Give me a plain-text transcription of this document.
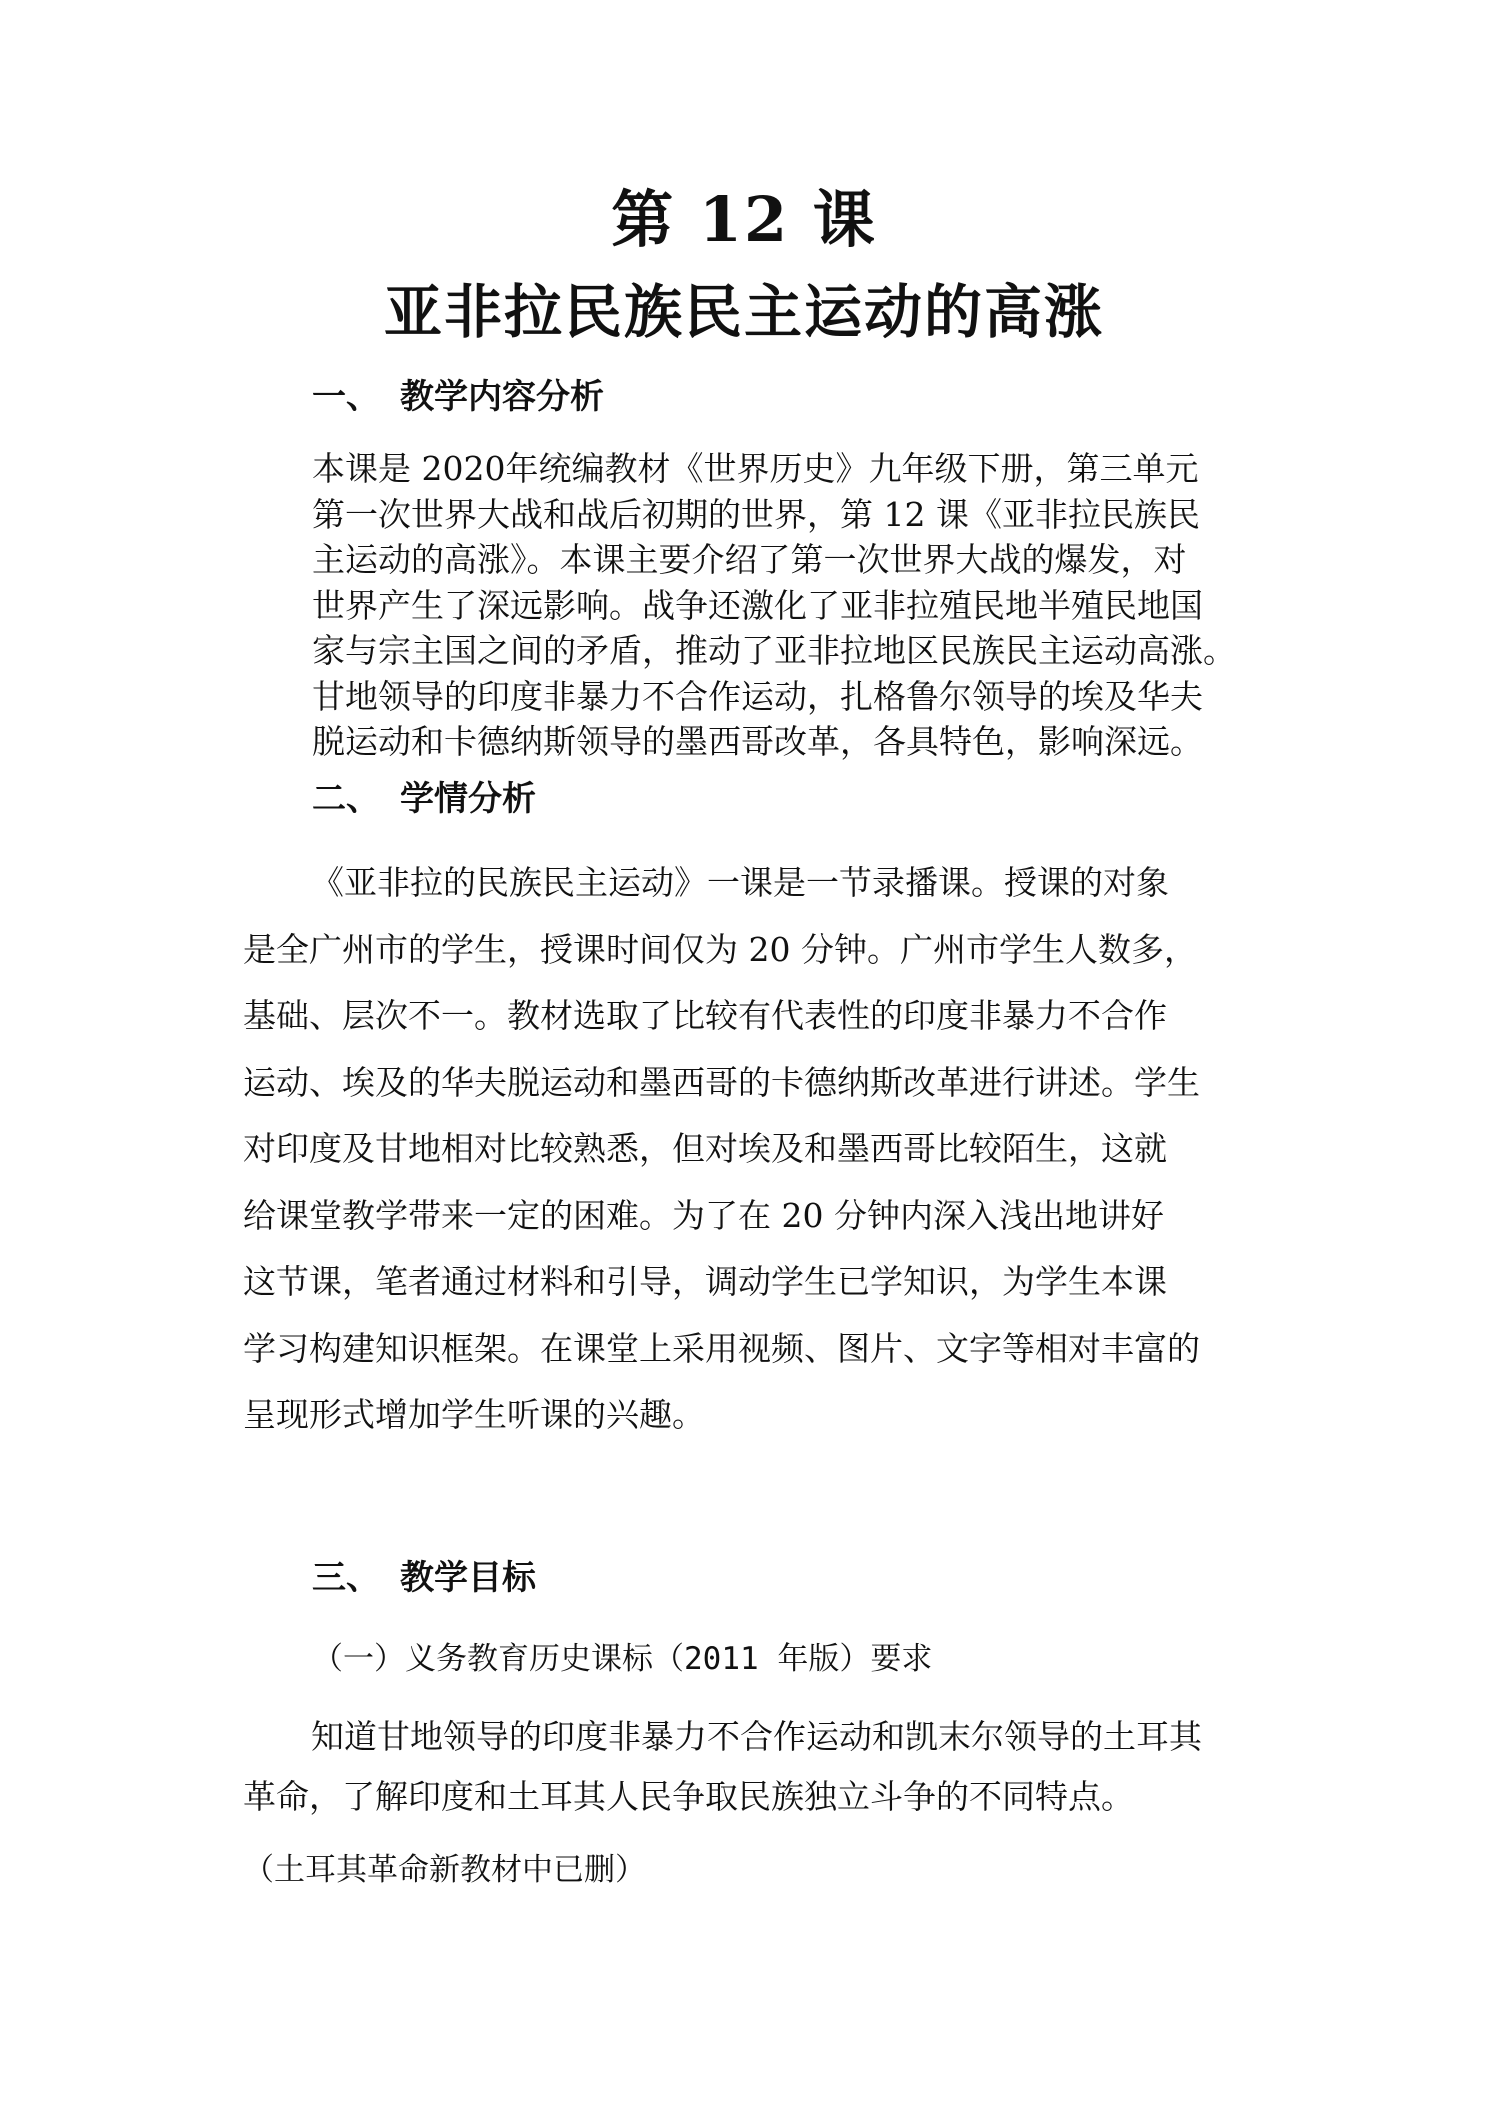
第 12 课
亚非拉民族民主运动的高涨
一、 教学内容分析
本课是 2020年统编教材《世界历史》九年级下册，第三单元
第一次世界大战和战后初期的世界，第 12 课《亚非拉民族民
主运动的高涨》。本课主要介绍了第一次世界大战的爆发，对
世界产生了深远影响。战争还激化了亚非拉殖民地半殖民地国
家与宗主国之间的矛盾，推动了亚非拉地区民族民主运动高涨。
甘地领导的印度非暴力不合作运动，扎格鲁尔领导的埃及华夫
脱运动和卡德纳斯领导的墨西哥改革，各具特色，影响深远。
二、 学情分析
《亚非拉的民族民主运动》一课是一节录播课。授课的对象
是全广州市的学生，授课时间仅为 20 分钟。广州市学生人数多，
基础、层次不一。教材选取了比较有代表性的印度非暴力不合作
运动、埃及的华夫脱运动和墨西哥的卡德纳斯改革进行讲述。学生
对印度及甘地相对比较熟悉，但对埃及和墨西哥比较陌生，这就
给课堂教学带来一定的困难。为了在 20 分钟内深入浅出地讲好
这节课，笔者通过材料和引导，调动学生已学知识，为学生本课
学习构建知识框架。在课堂上采用视频、图片、文字等相对丰富的
呈现形式增加学生听课的兴趣。
三、 教学目标
（一）义务教育历史课标（2011 年版）要求
知道甘地领导的印度非暴力不合作运动和凯末尔领导的土耳其
革命，了解印度和土耳其人民争取民族独立斗争的不同特点。
（土耳其革命新教材中已删）
